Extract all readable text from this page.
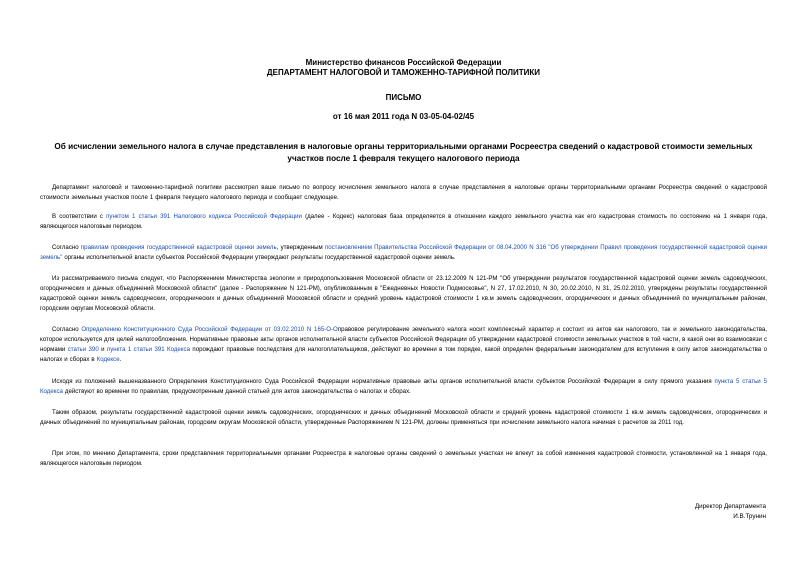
Министерство финансов Российской Федерации
ДЕПАРТАМЕНТ НАЛОГОВОЙ И ТАМОЖЕННО-ТАРИФНОЙ ПОЛИТИКИ
ПИСЬМО
от 16 мая 2011 года N 03-05-04-02/45
Об исчислении земельного налога в случае представления в налоговые органы территориальными органами Росреестра сведений о кадастровой стоимости земельных участков после 1 февраля текущего налогового периода
Департамент налоговой и таможенно-тарифной политики рассмотрел ваше письмо по вопросу исчисления земельного налога в случае представления в налоговые органы территориальными органами Росреестра сведений о кадастровой стоимости земельных участков после 1 февраля текущего налогового периода и сообщает следующее.
В соответствии с пунктом 1 статьи 391 Налогового кодекса Российской Федерации (далее - Кодекс) налоговая база определяется в отношении каждого земельного участка как его кадастровая стоимость по состоянию на 1 января года, являющегося налоговым периодом.
Согласно правилам проведения государственной кадастровой оценки земель, утвержденным постановлением Правительства Российской Федерации от 08.04.2000 N 316 "Об утверждении Правил проведения государственной кадастровой оценки земель" органы исполнительной власти субъектов Российской Федерации утверждают результаты государственной кадастровой оценки земель.
Из рассматриваемого письма следует, что Распоряжением Министерства экологии и природопользования Московской области от 23.12.2009 N 121-РМ "Об утверждении результатов государственной кадастровой оценки земель садоводческих, огороднических и дачных объединений Московской области" (далее - Распоряжение N 121-РМ), опубликованным в "Ежедневных Новости Подмосковье", N 27, 17.02.2010, N 30, 20.02.2010, N 31, 25.02.2010, утверждены результаты государственной кадастровой оценки земель садоводческих, огороднических и дачных объединений Московской области и средний уровень кадастровой стоимости 1 кв.м земель садоводческих, огороднических и дачных объединений по муниципальным районам, городским округам Московской области.
Согласно Определению Конституционного Суда Российской Федерации от 03.02.2010 N 165-О-Оправовое регулирование земельного налога носит комплексный характер и состоит из актов как налогового, так и земельного законодательства, которое используется для целей налогообложения. Нормативные правовые акты органов исполнительной власти субъектов Российской Федерации об утверждении кадастровой стоимости земельных участков в той части, в какой они во взаимосвязи с нормами статьи 390 и пункта 1 статьи 391 Кодекса порождают правовые последствия для налогоплательщиков, действуют во времени в том порядке, какой определен федеральным законодателем для вступления в силу актов законодательства о налогах и сборах в Кодексе.
Исходя из положений вышеназванного Определения Конституционного Суда Российской Федерации нормативные правовые акты органов исполнительной власти субъектов Российской Федерации в силу прямого указания пункта 5 статьи 5 Кодекса действуют во времени по правилам, предусмотренным данной статьей для актов законодательства о налогах и сборах.
Таким образом, результаты государственной кадастровой оценки земель садоводческих, огороднических и дачных объединений Московской области и средний уровень кадастровой стоимости 1 кв.м земель садоводческих, огороднических и дачных объединений по муниципальным районам, городским округам Московской области, утвержденные Распоряжением N 121-РМ, должны применяться при исчислении земельного налога начиная с расчетов за 2011 год.
При этом, по мнению Департамента, сроки представления территориальными органами Росреестра в налоговые органы сведений о земельных участках не влекут за собой изменения кадастровой стоимости, установленной на 1 января года, являющегося налоговым периодом.
Директор Департамента
И.В.Трунин
